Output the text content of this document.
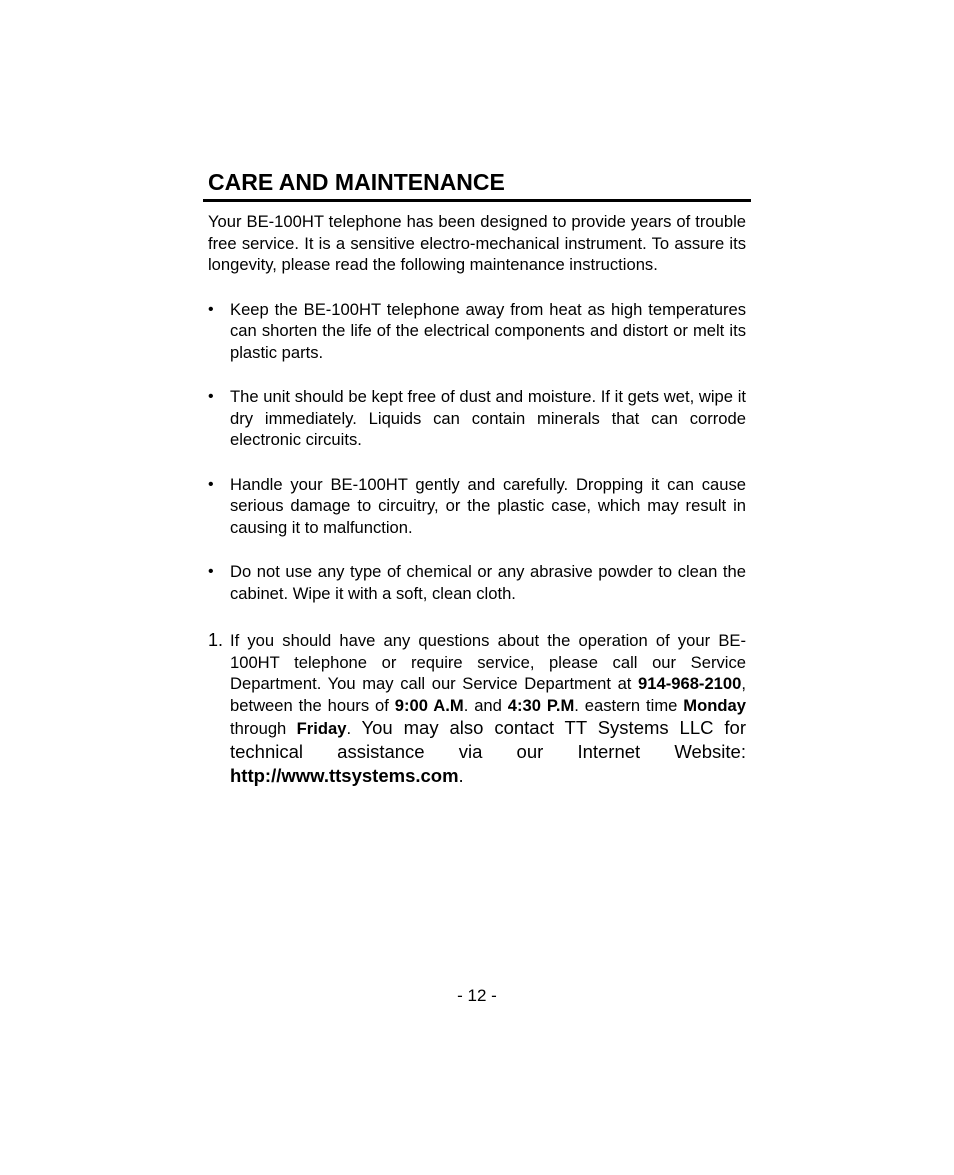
CARE AND MAINTENANCE

Your BE-100HT telephone has been designed to provide years of trouble free service. It is a sensitive electro-mechanical instrument. To assure its longevity, please read the following maintenance instructions.

• Keep the BE-100HT telephone away from heat as high temperatures can shorten the life of the electrical components and distort or melt its plastic parts.
• The unit should be kept free of dust and moisture. If it gets wet, wipe it dry immediately. Liquids can contain minerals that can corrode electronic circuits.
• Handle your BE-100HT gently and carefully. Dropping it can cause serious damage to circuitry, or the plastic case, which may result in causing it to malfunction.
• Do not use any type of chemical or any abrasive powder to clean the cabinet. Wipe it with a soft, clean cloth.
1. If you should have any questions about the operation of your BE-100HT telephone or require service, please call our Service Department. You may call our Service Department at 914-968-2100, between the hours of 9:00 A.M. and 4:30 P.M. eastern time Monday through Friday. You may also contact TT Systems LLC for technical assistance via our Internet Website: http://www.ttsystems.com.
- 12 -
